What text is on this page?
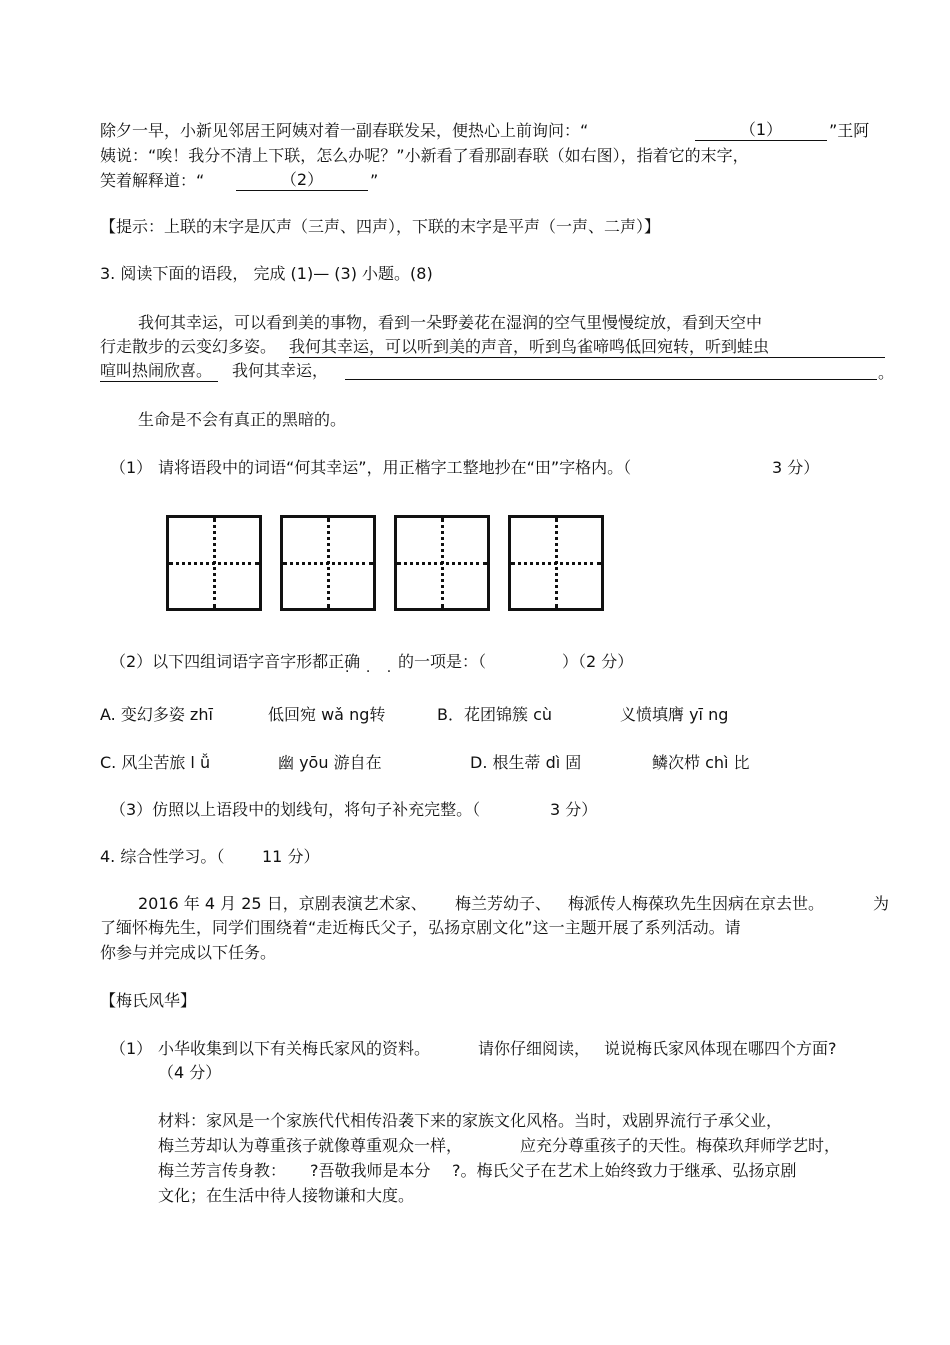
除夕一早，小新见邻居王阿姨对着一副春联发呆，便热心上前询问：“	（1）	”王阿
姨说：“唉！我分不清上下联，怎么办呢？”小新看了看那副春联（如右图），指着它的末字，
笑着解释道：“	（2）	”
【提示：上联的末字是仄声（三声、四声），下联的末字是平声（一声、二声）】
3. 阅读下面的语段， 完成 (1)— (3) 小题。(8)
我何其幸运，可以看到美的事物，看到一朵野姜花在湿润的空气里慢慢绽放，看到天空中
行走散步的云变幻多姿。 我何其幸运，可以听到美的声音，听到鸟雀啼鸣低回宛转，听到蛙虫
喧叫热闹欣喜。 我何其幸运，	。
生命是不会有真正的黑暗的。
（1） 请将语段中的词语“何其幸运”，用正楷字工整地抄在“田”字格内。（	3 分）
（2）以下四组词语字音字形都正确
· · ·
的一项是：（	）（2 分）
A. 变幻多姿 zhī	低回宛 wǎ ng转	B．花团锦簇 cù	义愤填膺 yī ng
C. 风尘苦旅 l ǚ	幽 yōu 游自在	D. 根生蒂 dì 固	鳞次栉 chì 比
（3）仿照以上语段中的划线句，将句子补充完整。（	3 分）
4. 综合性学习。（ 11 分）
2016 年 4 月 25 日，京剧表演艺术家、 梅兰芳幼子、 梅派传人梅葆玖先生因病在京去世。	为
了缅怀梅先生，同学们围绕着“走近梅氏父子，弘扬京剧文化”这一主题开展了系列活动。请
你参与并完成以下任务。
【梅氏风华】
（1） 小华收集到以下有关梅氏家风的资料。	请你仔细阅读， 说说梅氏家风体现在哪四个方面?
（4 分）
材料：家风是一个家族代代相传沿袭下来的家族文化风格。当时，戏剧界流行子承父业，
梅兰芳却认为尊重孩子就像尊重观众一样，	应充分尊重孩子的天性。梅葆玖拜师学艺时，
梅兰芳言传身教： ?吾敬我师是本分 ?。梅氏父子在艺术上始终致力于继承、弘扬京剧
文化；在生活中待人接物谦和大度。
